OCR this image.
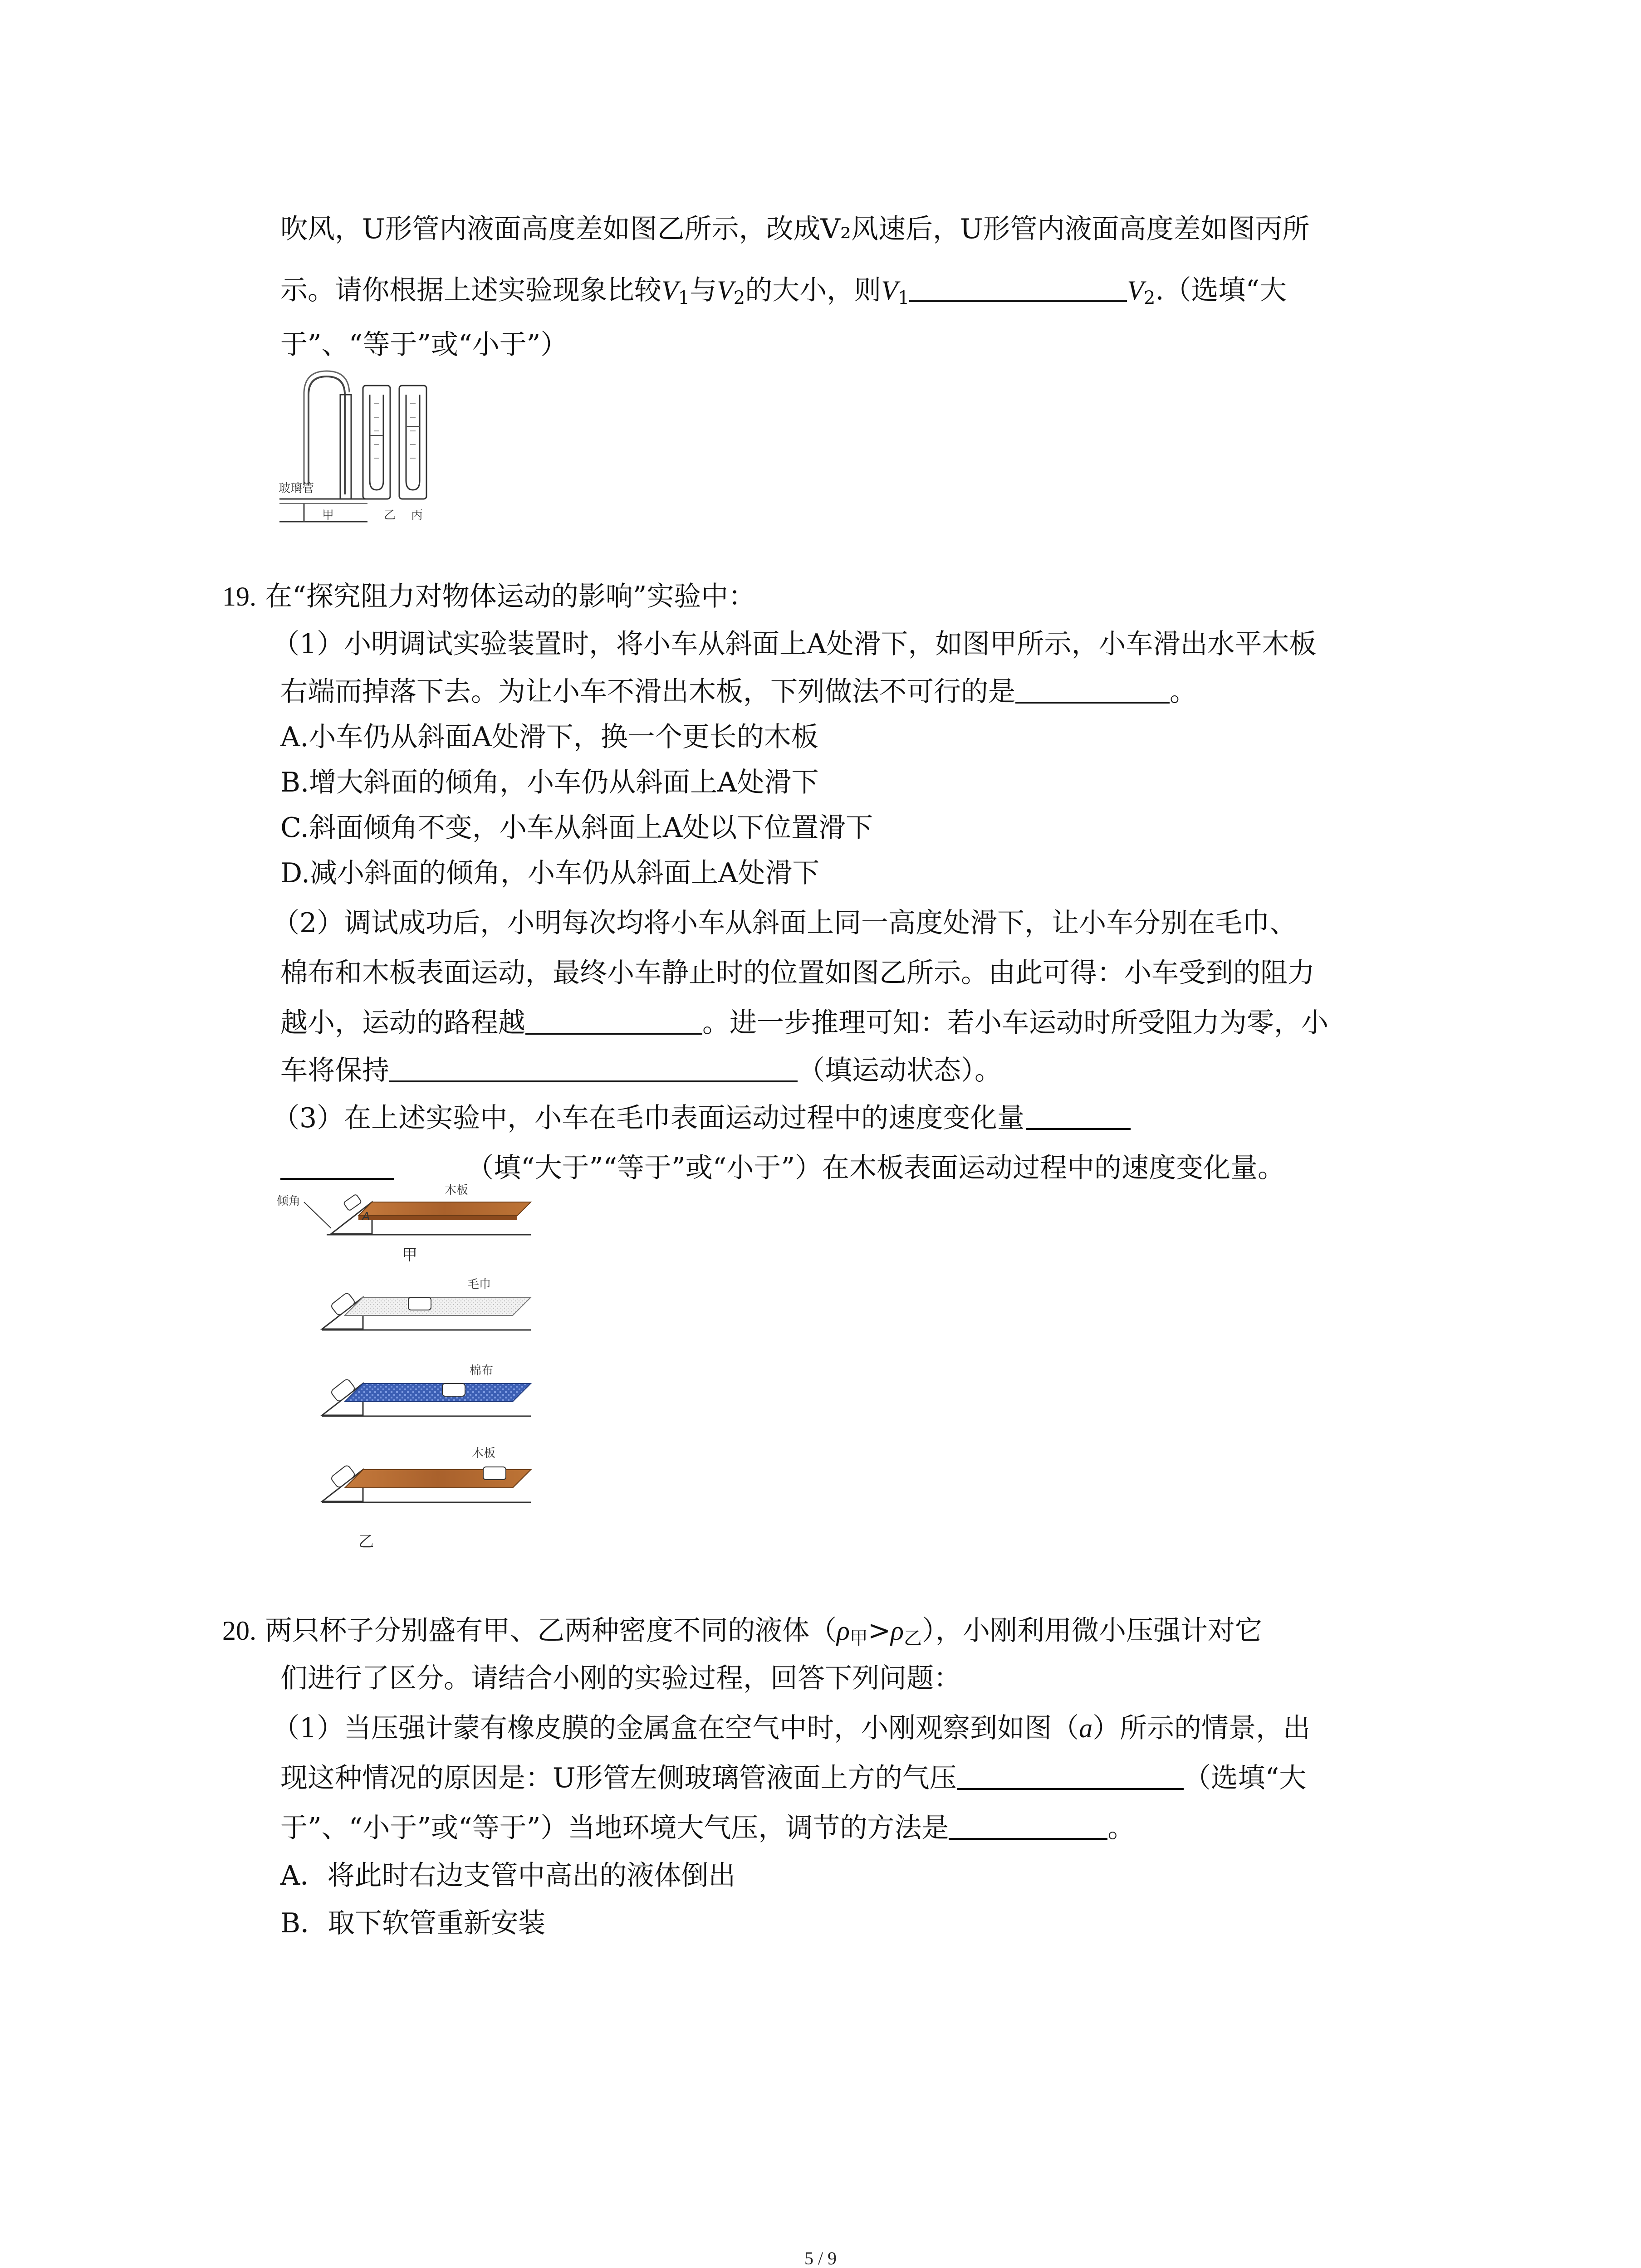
吹风，U形管内液面高度差如图乙所示，改成V₂风速后，U形管内液面高度差如图丙所
示。请你根据上述实验现象比较$V_1$与$V_2$的大小，则$V_1$	$V_2$.（选填“大
于”、“等于”或“小于”）
玻璃管
甲	乙 丙
19. 在“探究阻力对物体运动的影响”实验中：
（1）小明调试实验装置时，将小车从斜面上A处滑下，如图甲所示，小车滑出水平木板
右端而掉落下去。为让小车不滑出木板，下列做法不可行的是	。
A.小车仍从斜面A处滑下，换一个更长的木板
B.增大斜面的倾角，小车仍从斜面上A处滑下
C.斜面倾角不变，小车从斜面上A处以下位置滑下
D.减小斜面的倾角，小车仍从斜面上A处滑下
（2）调试成功后，小明每次均将小车从斜面上同一高度处滑下，让小车分别在毛巾、
棉布和木板表面运动，最终小车静止时的位置如图乙所示。由此可得：小车受到的阻力
越小，运动的路程越	。进一步推理可知：若小车运动时所受阻力为零，小
车将保持	（填运动状态）。
（3）在上述实验中，小车在毛巾表面运动过程中的速度变化量
（填“大于”“等于”或“小于”）在木板表面运动过程中的速度变化量。
倾角
A
木板
甲
毛巾
棉布
木板
乙
20. 两只杯子分别盛有甲、乙两种密度不同的液体$(\rho_甲>\rho_乙)$，小刚利用微小压强计对它
们进行了区分。请结合小刚的实验过程，回答下列问题：
（1）当压强计蒙有橡皮膜的金属盒在空气中时，小刚观察到如图（a）所示的情景，出
现这种情况的原因是：U形管左侧玻璃管液面上方的气压	（选填“大
于”、“小于”或“等于”）当地环境大气压，调节的方法是	。
A．将此时右边支管中高出的液体倒出
B．取下软管重新安装
5 / 9
